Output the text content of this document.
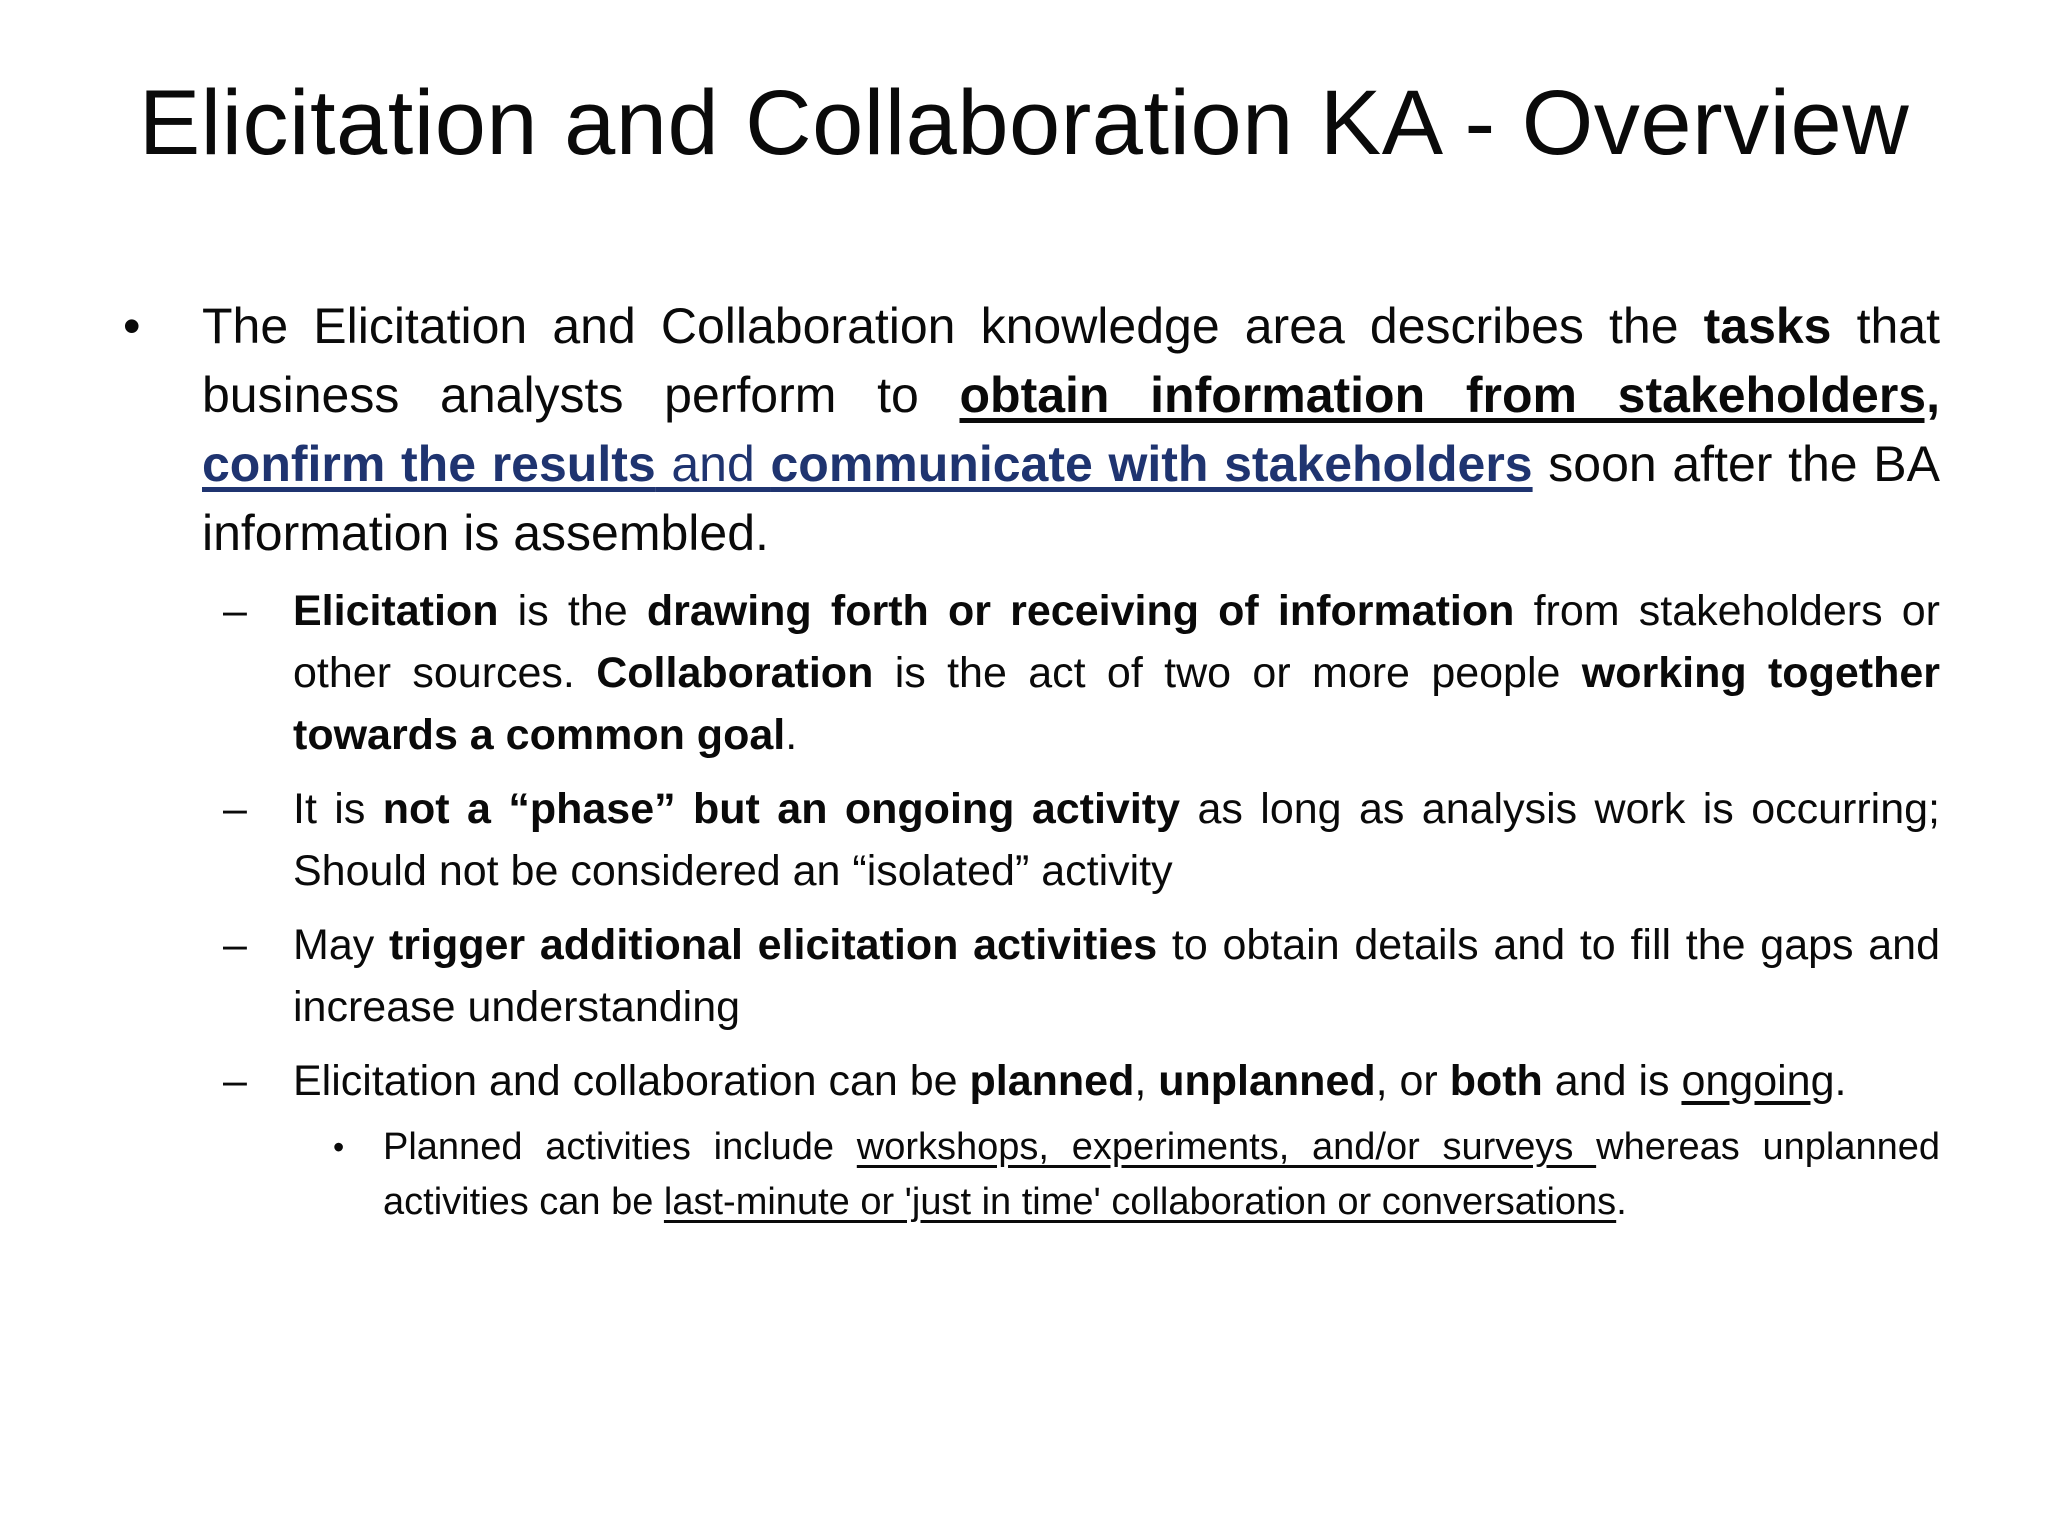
Elicitation and Collaboration KA - Overview
• The Elicitation and Collaboration knowledge area describes the tasks that business analysts perform to obtain information from stakeholders, confirm the results and communicate with stakeholders soon after the BA information is assembled.
– Elicitation is the drawing forth or receiving of information from stakeholders or other sources. Collaboration is the act of two or more people working together towards a common goal.
– It is not a “phase” but an ongoing activity as long as analysis work is occurring; Should not be considered an “isolated” activity
– May trigger additional elicitation activities to obtain details and to fill the gaps and increase understanding
– Elicitation and collaboration can be planned, unplanned, or both and is ongoing.
• Planned activities include workshops, experiments, and/or surveys whereas unplanned activities can be last-minute or 'just in time' collaboration or conversations.
